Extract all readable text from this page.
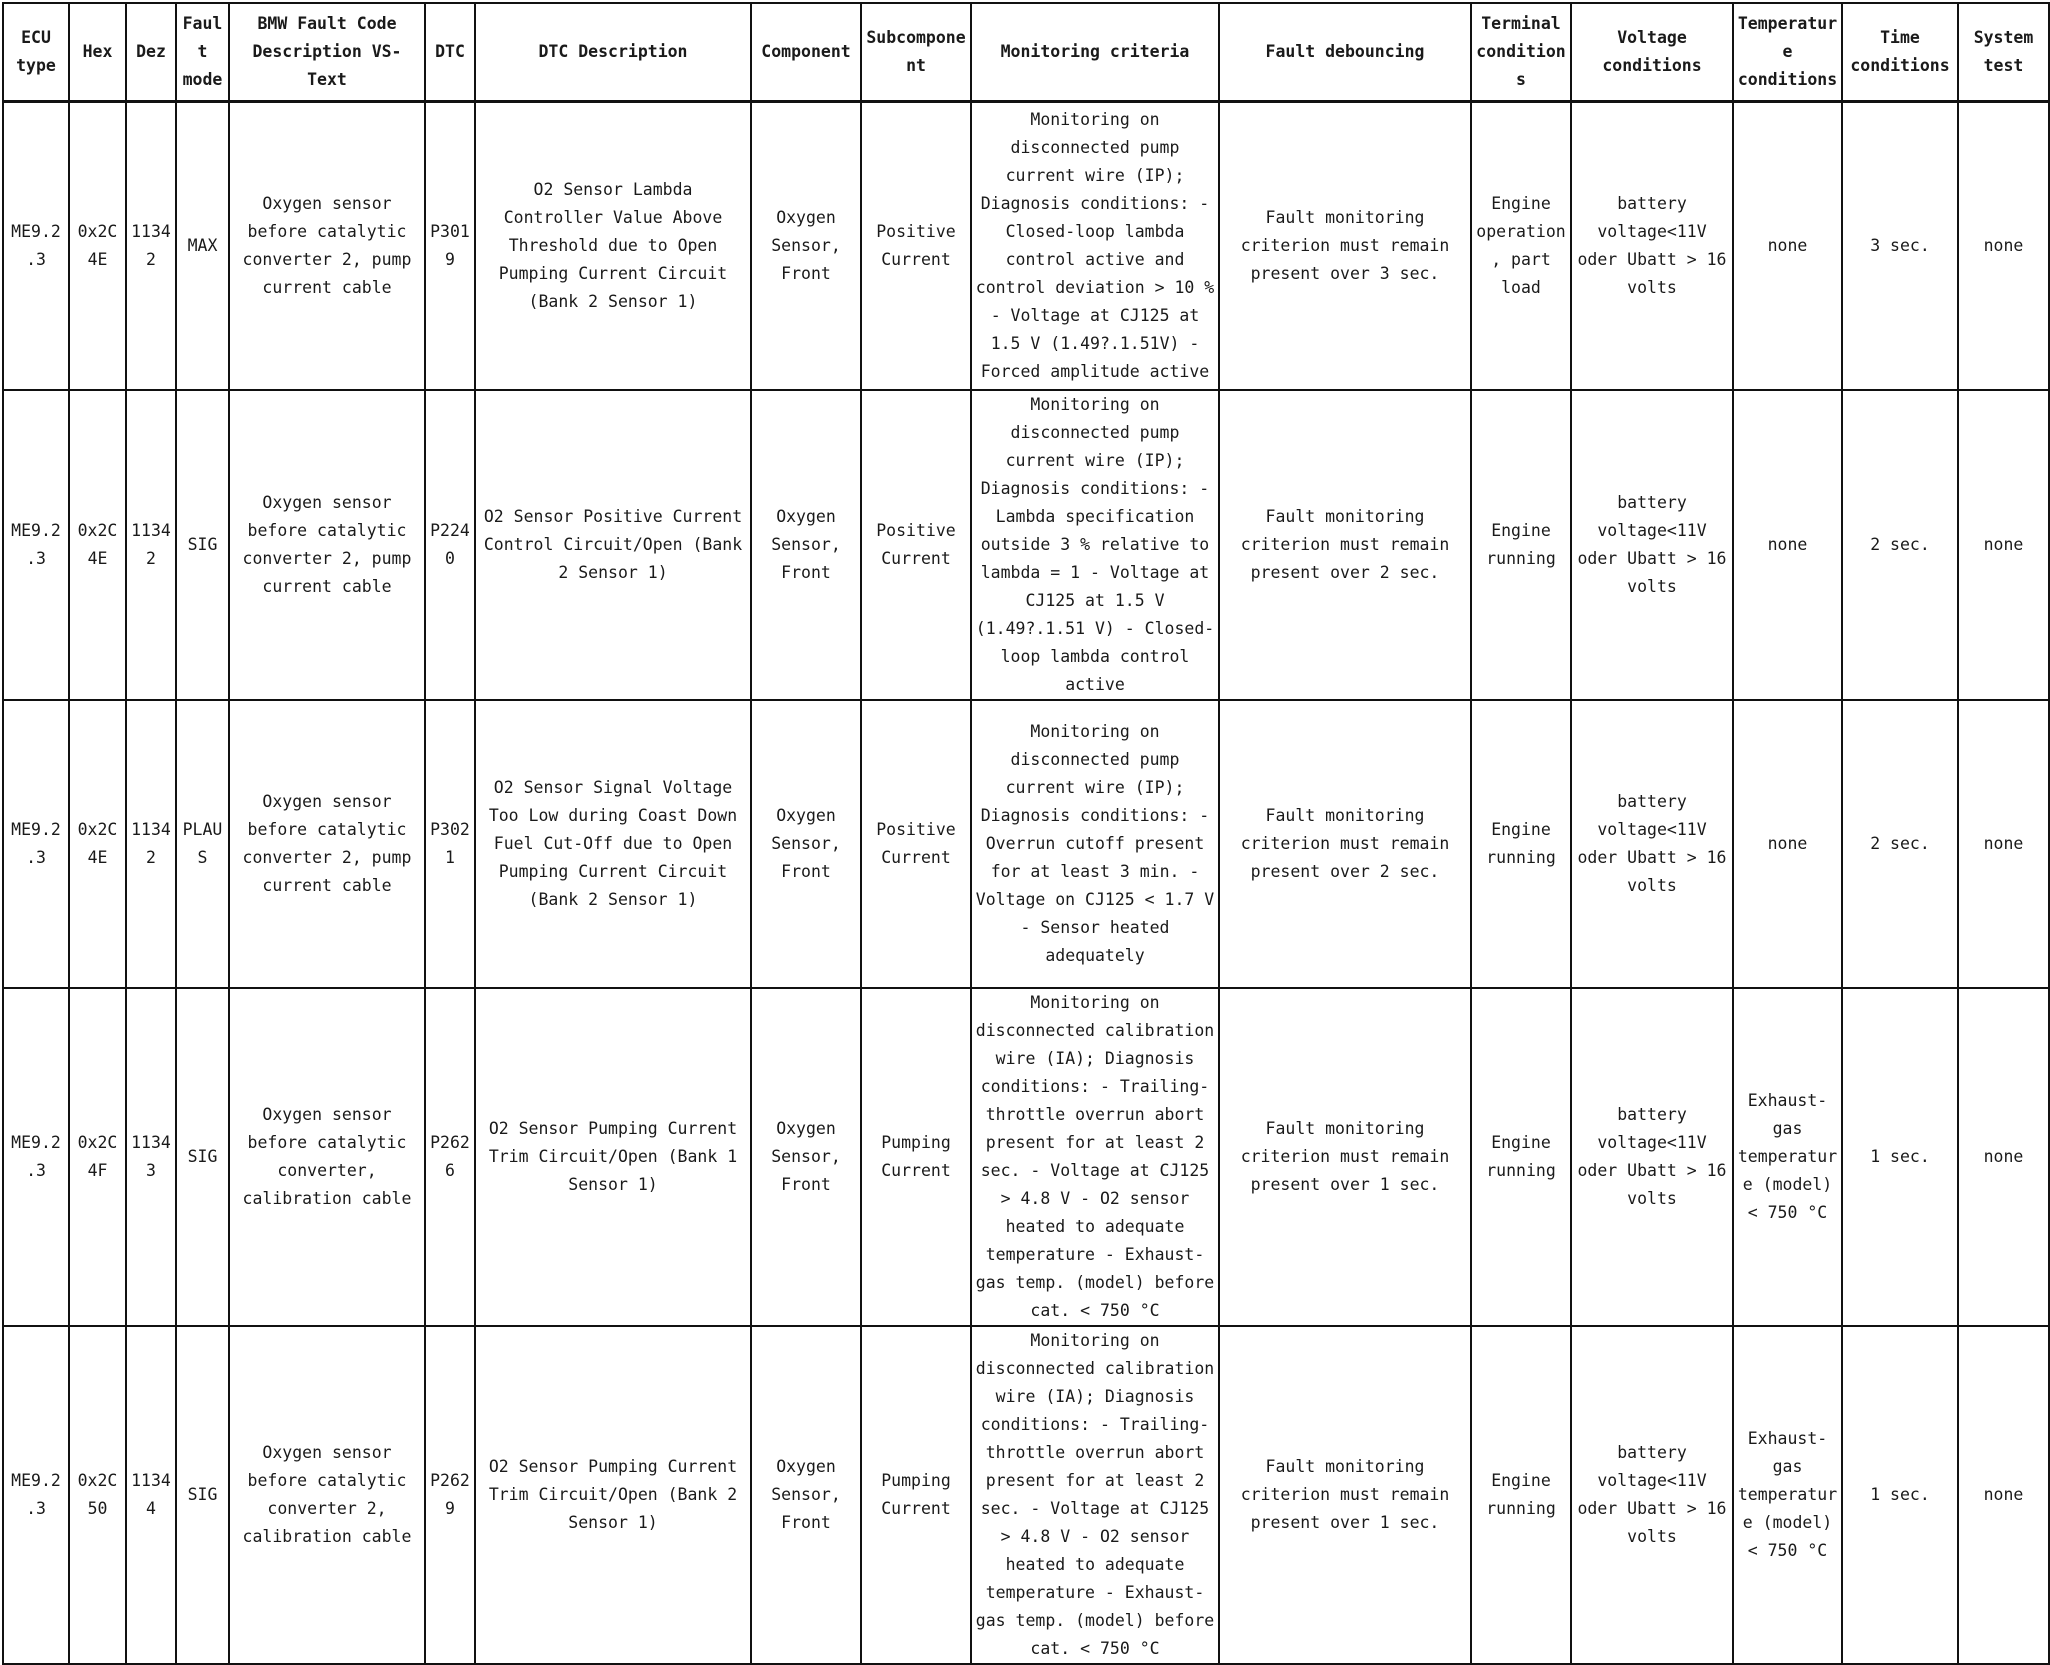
ECU type	Hex	Dez	Fault mode	BMW Fault Code Description VS-Text	DTC	DTC Description	Component	Subcomponent	Monitoring criteria	Fault debouncing	Terminal conditions	Voltage conditions	Temperature conditions	Time conditions	System test
ME9.2.3	0x2C4E	11342	MAX	Oxygen sensor before catalytic converter 2, pump current cable	P3019	O2 Sensor Lambda Controller Value Above Threshold due to Open Pumping Current Circuit (Bank 2 Sensor 1)	Oxygen Sensor, Front	Positive Current	Monitoring on disconnected pump current wire (IP); Diagnosis conditions: - Closed-loop lambda control active and control deviation > 10 % - Voltage at CJ125 at 1.5 V (1.49?.1.51V) - Forced amplitude active	Fault monitoring criterion must remain present over 3 sec.	Engine operation, part load	battery voltage<11V oder Ubatt > 16 volts	none	3 sec.	none
ME9.2.3	0x2C4E	11342	SIG	Oxygen sensor before catalytic converter 2, pump current cable	P2240	O2 Sensor Positive Current Control Circuit/Open (Bank 2 Sensor 1)	Oxygen Sensor, Front	Positive Current	Monitoring on disconnected pump current wire (IP); Diagnosis conditions: - Lambda specification outside 3 % relative to lambda = 1 - Voltage at CJ125 at 1.5 V (1.49?.1.51 V) - Closed-loop lambda control active	Fault monitoring criterion must remain present over 2 sec.	Engine running	battery voltage<11V oder Ubatt > 16 volts	none	2 sec.	none
ME9.2.3	0x2C4E	11342	PLAUS	Oxygen sensor before catalytic converter 2, pump current cable	P3021	O2 Sensor Signal Voltage Too Low during Coast Down Fuel Cut-Off due to Open Pumping Current Circuit (Bank 2 Sensor 1)	Oxygen Sensor, Front	Positive Current	Monitoring on disconnected pump current wire (IP); Diagnosis conditions: - Overrun cutoff present for at least 3 min. - Voltage on CJ125 < 1.7 V - Sensor heated adequately	Fault monitoring criterion must remain present over 2 sec.	Engine running	battery voltage<11V oder Ubatt > 16 volts	none	2 sec.	none
ME9.2.3	0x2C4F	11343	SIG	Oxygen sensor before catalytic converter, calibration cable	P2626	O2 Sensor Pumping Current Trim Circuit/Open (Bank 1 Sensor 1)	Oxygen Sensor, Front	Pumping Current	Monitoring on disconnected calibration wire (IA); Diagnosis conditions: - Trailing-throttle overrun abort present for at least 2 sec. - Voltage at CJ125 > 4.8 V - O2 sensor heated to adequate temperature - Exhaust-gas temp. (model) before cat. < 750 °C	Fault monitoring criterion must remain present over 1 sec.	Engine running	battery voltage<11V oder Ubatt > 16 volts	Exhaust-gas temperature (model) < 750 °C	1 sec.	none
ME9.2.3	0x2C50	11344	SIG	Oxygen sensor before catalytic converter 2, calibration cable	P2629	O2 Sensor Pumping Current Trim Circuit/Open (Bank 2 Sensor 1)	Oxygen Sensor, Front	Pumping Current	Monitoring on disconnected calibration wire (IA); Diagnosis conditions: - Trailing-throttle overrun abort present for at least 2 sec. - Voltage at CJ125 > 4.8 V - O2 sensor heated to adequate temperature - Exhaust-gas temp. (model) before cat. < 750 °C	Fault monitoring criterion must remain present over 1 sec.	Engine running	battery voltage<11V oder Ubatt > 16 volts	Exhaust-gas temperature (model) < 750 °C	1 sec.	none
